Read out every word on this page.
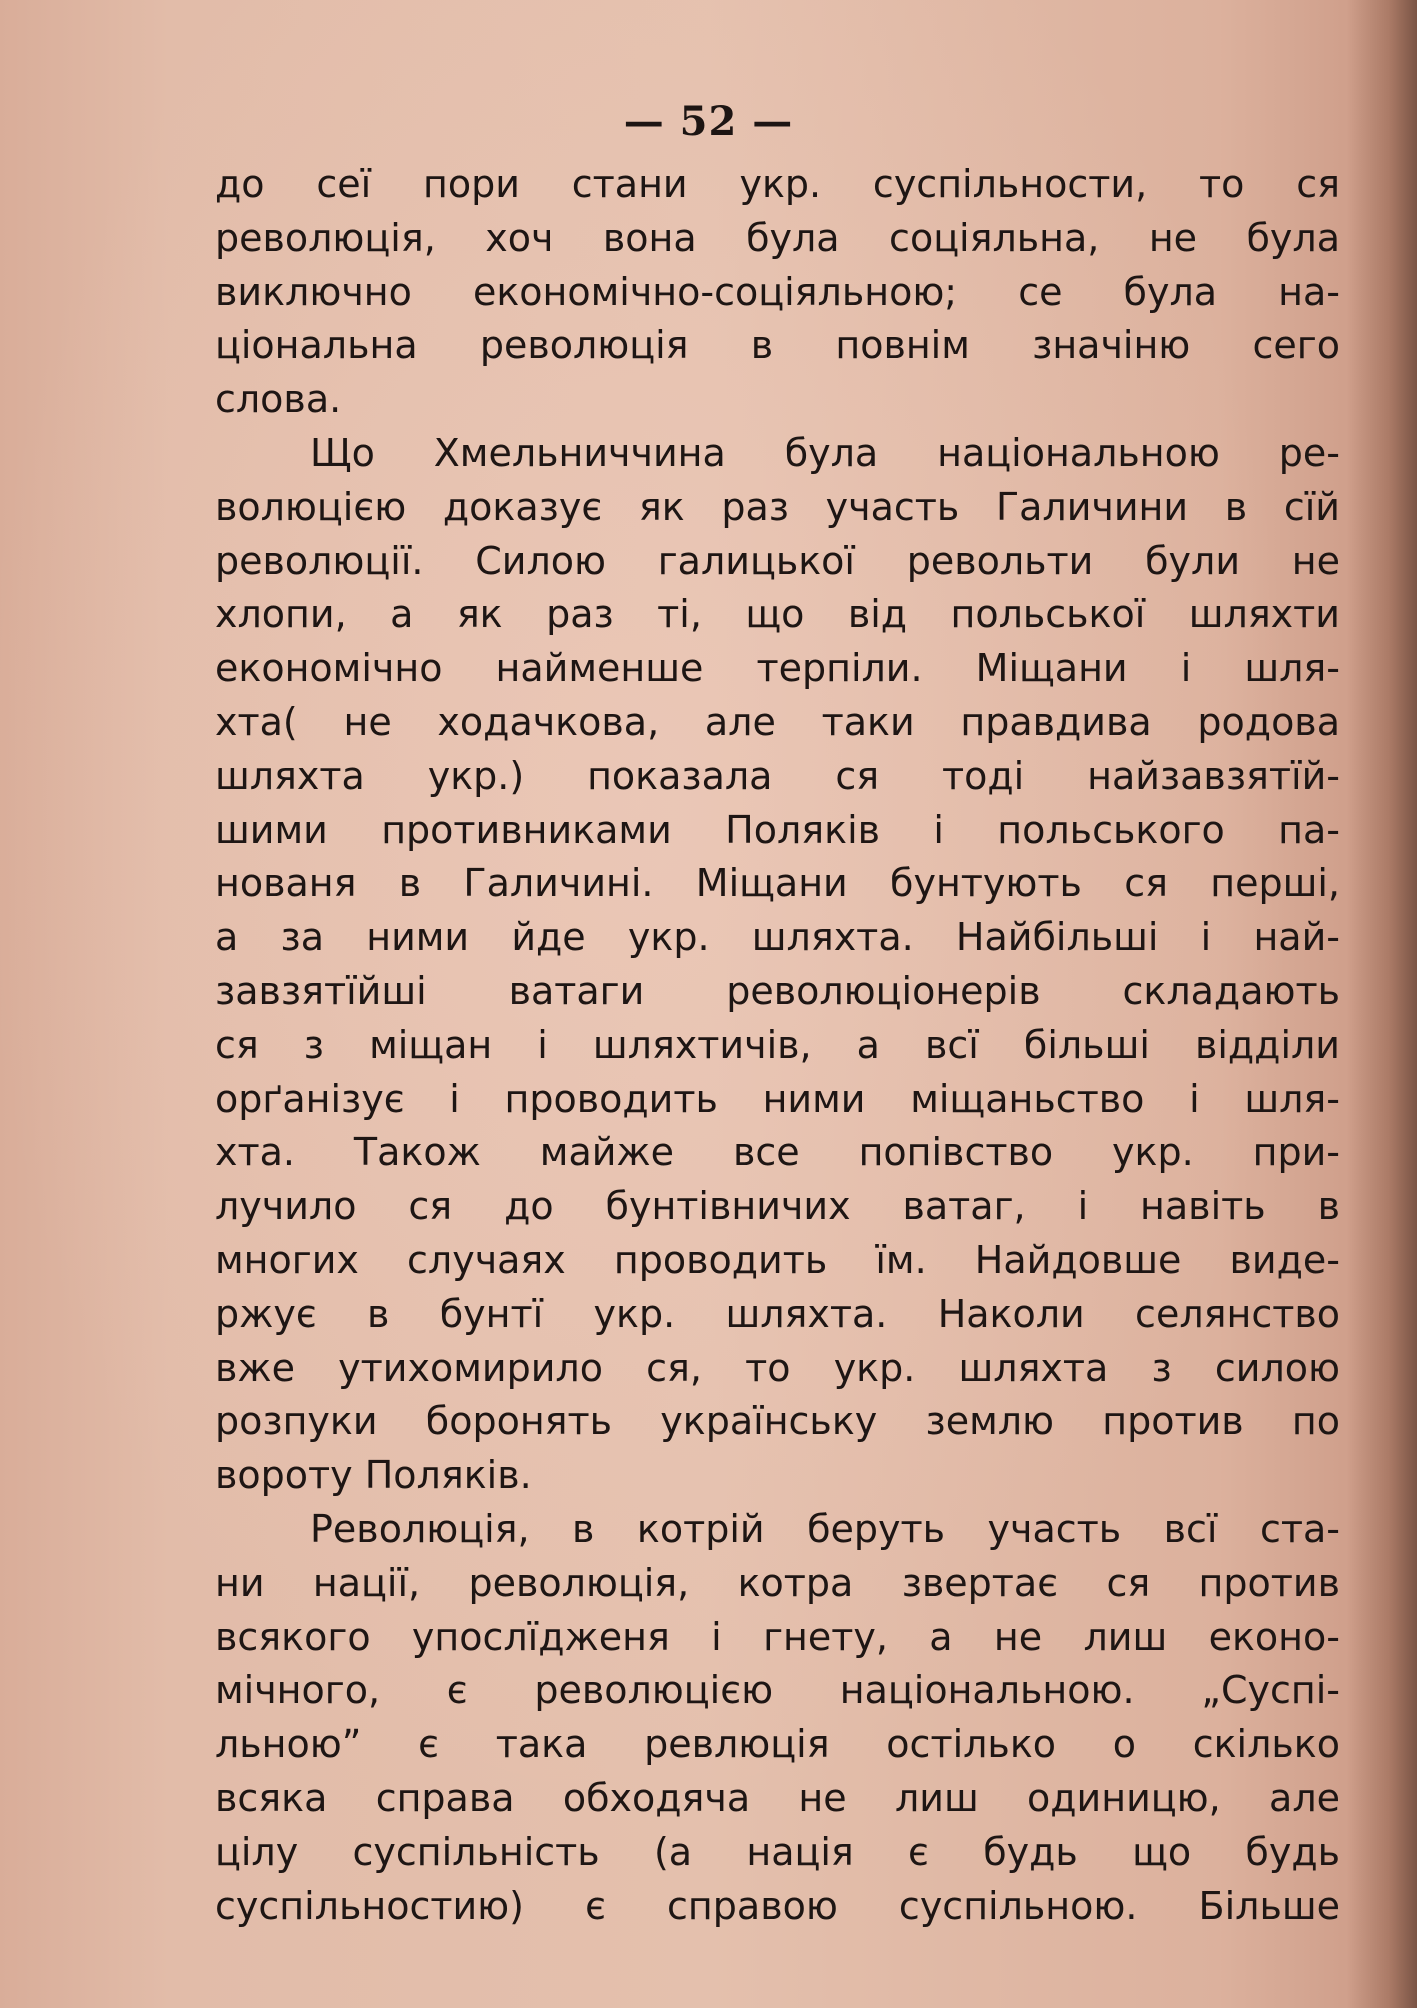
— 52 —
до сеї пори стани укр. суспільности, то ся
революція, хоч вона була соціяльна, не була
виключно економічно-соціяльною; се була на-
ціональна революція в повнім значіню сего
слова.
Що Хмельниччина була національною ре-
волюцією доказує як раз участь Галичини в сїй
революції. Силою галицької револьти були не
хлопи, а як раз ті, що від польської шляхти
економічно найменше терпіли. Міщани і шля-
хта( не ходачкова, але таки правдива родова
шляхта укр.) показала ся тоді найзавзятїй-
шими противниками Поляків і польського па-
нованя в Галичині. Міщани бунтують ся перші,
а за ними йде укр. шляхта. Найбільші і най-
завзятїйші ватаги революціонерів складають
ся з міщан і шляхтичів, а всї більші відділи
орґанізує і проводить ними міщаньство і шля-
хта. Також майже все попівство укр. при-
лучило ся до бунтівничих ватаг, і навіть в
многих случаях проводить їм. Найдовше виде-
ржує в бунтї укр. шляхта. Наколи селянство
вже утихомирило ся, то укр. шляхта з силою
розпуки боронять українську землю против по
вороту Поляків.
Революція, в котрій беруть участь всї ста-
ни нації, революція, котра звертає ся против
всякого упослїдженя і гнету, а не лиш еконо-
мічного, є революцією національною. „Суспі-
льною” є така ревлюція остілько о скілько
всяка справа обходяча не лиш одиницю, але
цілу суспільність (а нація є будь що будь
суспільностию) є справою суспільною. Більше
